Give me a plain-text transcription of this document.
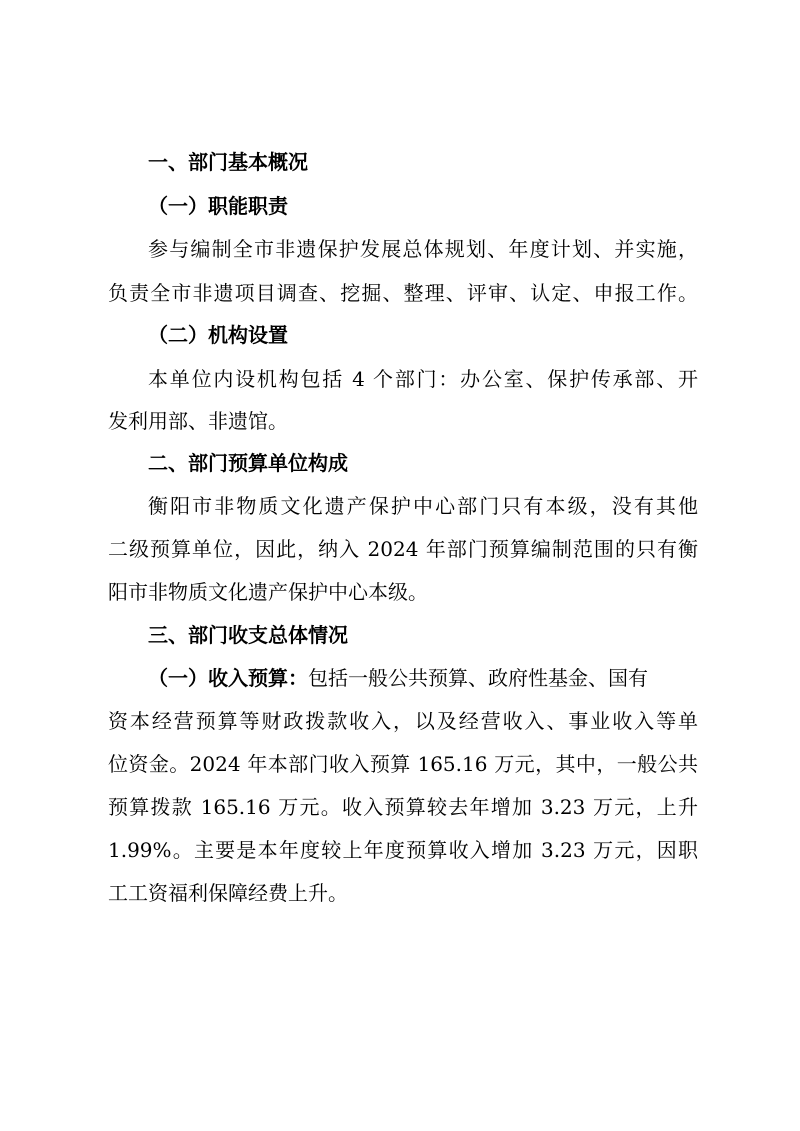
一、部门基本概况
（一）职能职责
参与编制全市非遗保护发展总体规划、年度计划、并实施，
负责全市非遗项目调查、挖掘、整理、评审、认定、申报工作。
（二）机构设置
本单位内设机构包括 4 个部门：办公室、保护传承部、开
发利用部、非遗馆。
二、部门预算单位构成
衡阳市非物质文化遗产保护中心部门只有本级，没有其他
二级预算单位，因此，纳入 2024 年部门预算编制范围的只有衡
阳市非物质文化遗产保护中心本级。
三、部门收支总体情况
（一）收入预算：包括一般公共预算、政府性基金、国有
资本经营预算等财政拨款收入，以及经营收入、事业收入等单
位资金。2024 年本部门收入预算 165.16 万元，其中，一般公共
预算拨款 165.16 万元。收入预算较去年增加 3.23 万元，上升
1.99%。主要是本年度较上年度预算收入增加 3.23 万元，因职
工工资福利保障经费上升。
